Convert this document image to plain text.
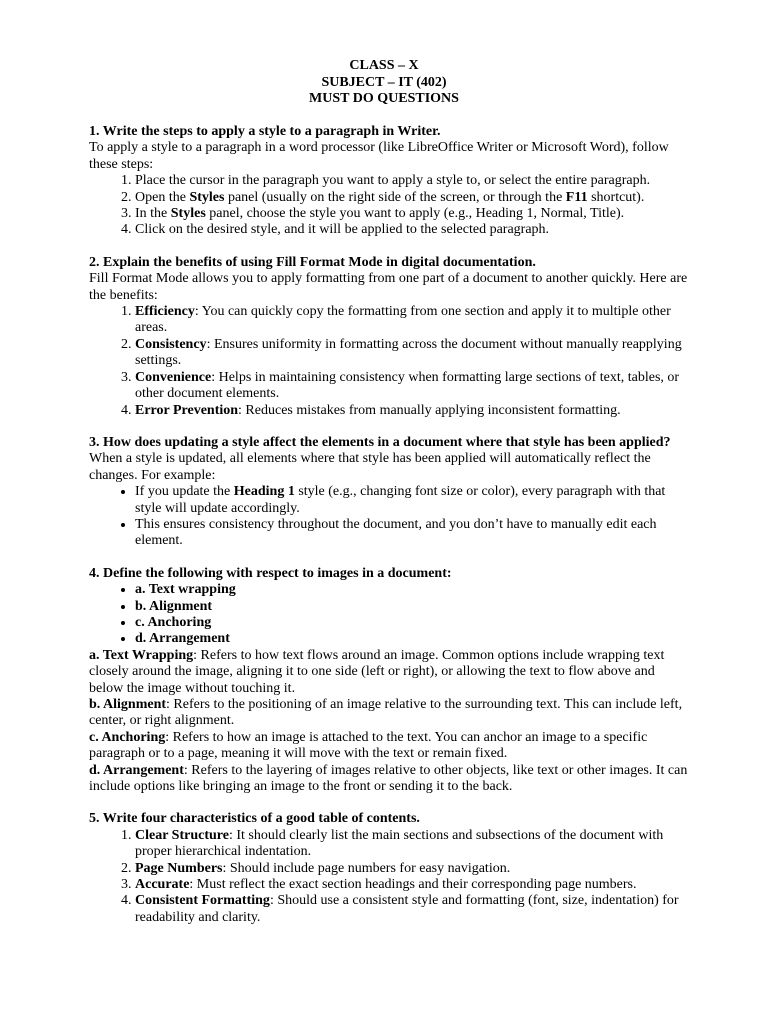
CLASS – X
SUBJECT – IT (402)
MUST DO QUESTIONS

1. Write the steps to apply a style to a paragraph in Writer.

To apply a style to a paragraph in a word processor (like LibreOffice Writer or Microsoft Word), follow these steps:

1. Place the cursor in the paragraph you want to apply a style to, or select the entire paragraph.
2. Open the Styles panel (usually on the right side of the screen, or through the F11 shortcut).
3. In the Styles panel, choose the style you want to apply (e.g., Heading 1, Normal, Title).
4. Click on the desired style, and it will be applied to the selected paragraph.

2. Explain the benefits of using Fill Format Mode in digital documentation.

Fill Format Mode allows you to apply formatting from one part of a document to another quickly. Here are the benefits:

1. Efficiency: You can quickly copy the formatting from one section and apply it to multiple other areas.
2. Consistency: Ensures uniformity in formatting across the document without manually reapplying settings.
3. Convenience: Helps in maintaining consistency when formatting large sections of text, tables, or other document elements.
4. Error Prevention: Reduces mistakes from manually applying inconsistent formatting.

3. How does updating a style affect the elements in a document where that style has been applied?

When a style is updated, all elements where that style has been applied will automatically reflect the changes. For example:

• If you update the Heading 1 style (e.g., changing font size or color), every paragraph with that style will update accordingly.
• This ensures consistency throughout the document, and you don’t have to manually edit each element.

4. Define the following with respect to images in a document:

• a. Text wrapping
• b. Alignment
• c. Anchoring
• d. Arrangement

a. Text Wrapping: Refers to how text flows around an image. Common options include wrapping text closely around the image, aligning it to one side (left or right), or allowing the text to flow above and below the image without touching it.

b. Alignment: Refers to the positioning of an image relative to the surrounding text. This can include left, center, or right alignment.

c. Anchoring: Refers to how an image is attached to the text. You can anchor an image to a specific paragraph or to a page, meaning it will move with the text or remain fixed.

d. Arrangement: Refers to the layering of images relative to other objects, like text or other images. It can include options like bringing an image to the front or sending it to the back.

5. Write four characteristics of a good table of contents.

1. Clear Structure: It should clearly list the main sections and subsections of the document with proper hierarchical indentation.
2. Page Numbers: Should include page numbers for easy navigation.
3. Accurate: Must reflect the exact section headings and their corresponding page numbers.
4. Consistent Formatting: Should use a consistent style and formatting (font, size, indentation) for readability and clarity.
